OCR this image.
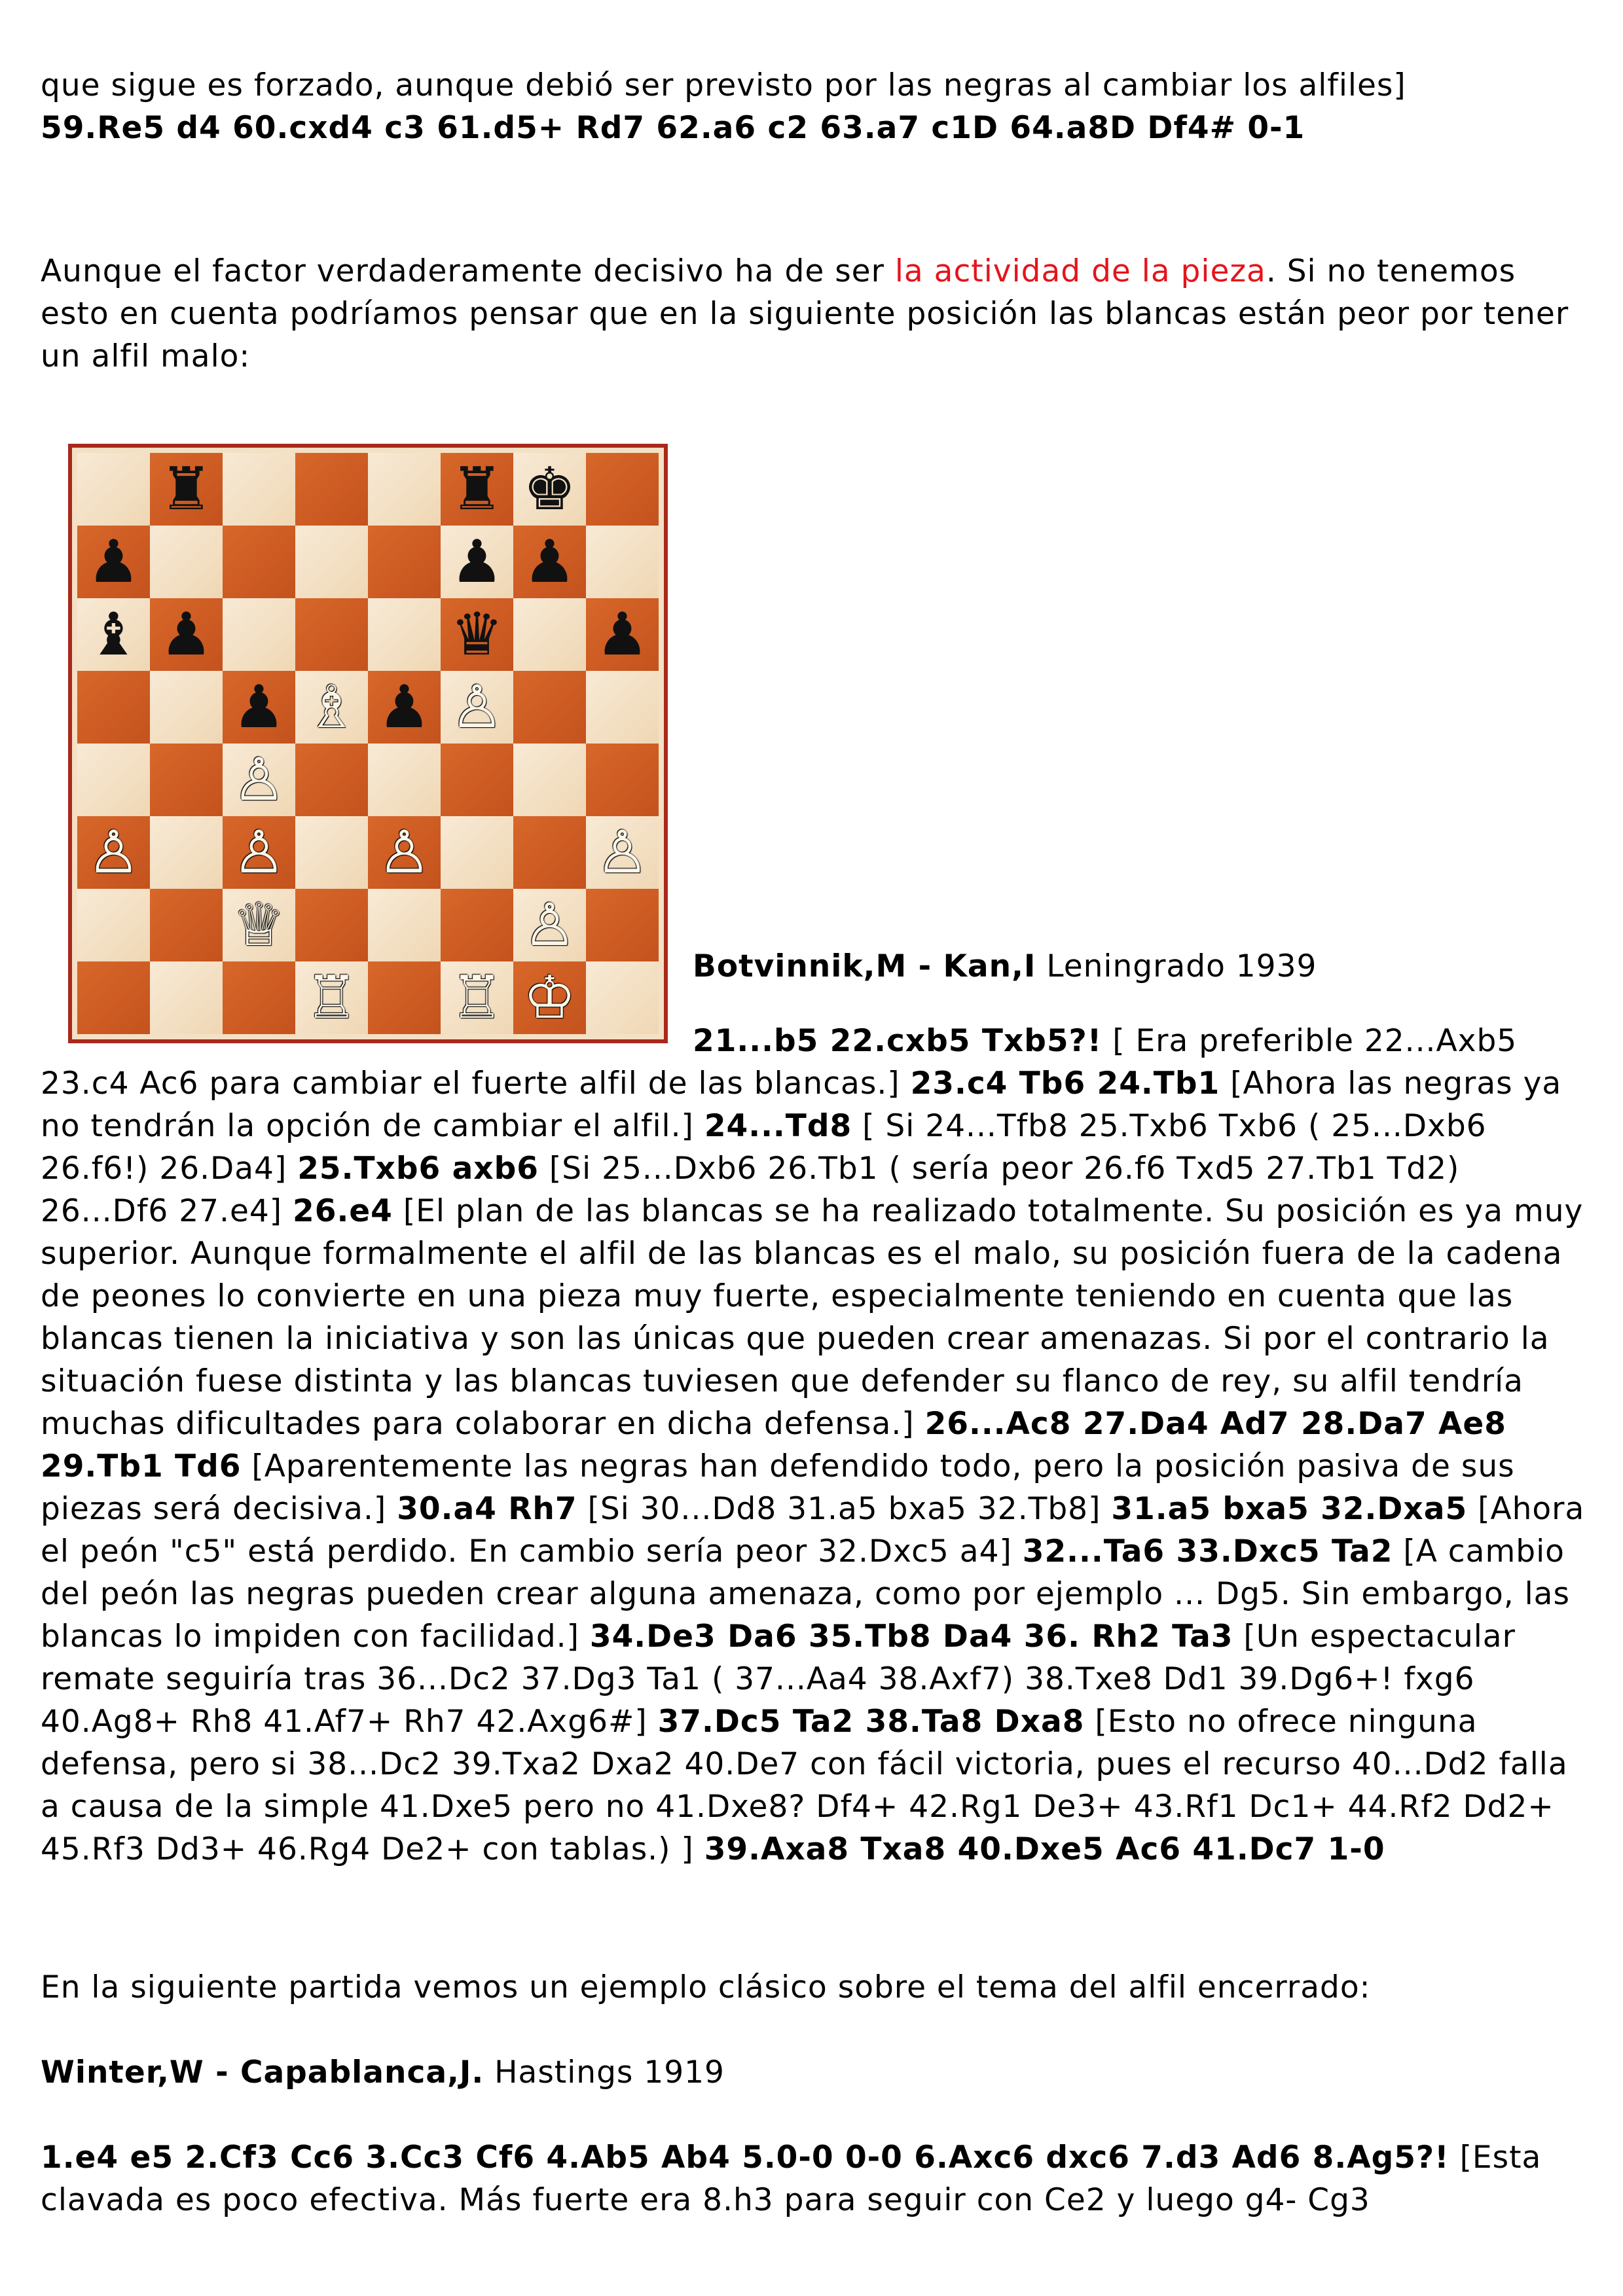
que sigue es forzado, aunque debió ser previsto por las negras al cambiar los alfiles]
59.Re5 d4 60.cxd4 c3 61.d5+ Rd7 62.a6 c2 63.a7 c1D 64.a8D Df4# 0-1
Aunque el factor verdaderamente decisivo ha de ser la actividad de la pieza. Si no tenemos esto en cuenta podríamos pensar que en la siguiente posición las blancas están peor por tener un alfil malo:
♜	♜ ♚
♟	♟ ♟
♝ ♟	♛ ♟
♟ ♗ ♟ ♙
♙
♙ ♙ ♙	♙
♕	♙
♖ ♖ ♔	Botvinnik,M - Kan,I Leningrado 1939
21...b5 22.cxb5 Txb5?! [ Era preferible 22...Axb5 23.c4 Ac6 para cambiar el fuerte alfil de las blancas.] 23.c4 Tb6 24.Tb1 [Ahora las negras ya no tendrán la opción de cambiar el alfil.] 24...Td8 [ Si 24...Tfb8 25.Txb6 Txb6 ( 25...Dxb6 26.f6!) 26.Da4] 25.Txb6 axb6 [Si 25...Dxb6 26.Tb1 ( sería peor 26.f6 Txd5 27.Tb1 Td2) 26...Df6 27.e4] 26.e4 [El plan de las blancas se ha realizado totalmente. Su posición es ya muy superior. Aunque formalmente el alfil de las blancas es el malo, su posición fuera de la cadena de peones lo convierte en una pieza muy fuerte, especialmente teniendo en cuenta que las blancas tienen la iniciativa y son las únicas que pueden crear amenazas. Si por el contrario la situación fuese distinta y las blancas tuviesen que defender su flanco de rey, su alfil tendría muchas dificultades para colaborar en dicha defensa.] 26...Ac8 27.Da4 Ad7 28.Da7 Ae8 29.Tb1 Td6 [Aparentemente las negras han defendido todo, pero la posición pasiva de sus piezas será decisiva.] 30.a4 Rh7 [Si 30...Dd8 31.a5 bxa5 32.Tb8] 31.a5 bxa5 32.Dxa5 [Ahora el peón "c5" está perdido. En cambio sería peor 32.Dxc5 a4] 32...Ta6 33.Dxc5 Ta2 [A cambio del peón las negras pueden crear alguna amenaza, como por ejemplo ... Dg5. Sin embargo, las blancas lo impiden con facilidad.] 34.De3 Da6 35.Tb8 Da4 36. Rh2 Ta3 [Un espectacular remate seguiría tras 36...Dc2 37.Dg3 Ta1 ( 37...Aa4 38.Axf7) 38.Txe8 Dd1 39.Dg6+! fxg6 40.Ag8+ Rh8 41.Af7+ Rh7 42.Axg6#] 37.Dc5 Ta2 38.Ta8 Dxa8 [Esto no ofrece ninguna defensa, pero si 38...Dc2 39.Txa2 Dxa2 40.De7 con fácil victoria, pues el recurso 40...Dd2 falla a causa de la simple 41.Dxe5 pero no 41.Dxe8? Df4+ 42.Rg1 De3+ 43.Rf1 Dc1+ 44.Rf2 Dd2+ 45.Rf3 Dd3+ 46.Rg4 De2+ con tablas.) ] 39.Axa8 Txa8 40.Dxe5 Ac6 41.Dc7 1-0
En la siguiente partida vemos un ejemplo clásico sobre el tema del alfil encerrado:
Winter,W - Capablanca,J. Hastings 1919
1.e4 e5 2.Cf3 Cc6 3.Cc3 Cf6 4.Ab5 Ab4 5.0-0 0-0 6.Axc6 dxc6 7.d3 Ad6 8.Ag5?! [Esta clavada es poco efectiva. Más fuerte era 8.h3 para seguir con Ce2 y luego g4- Cg3
